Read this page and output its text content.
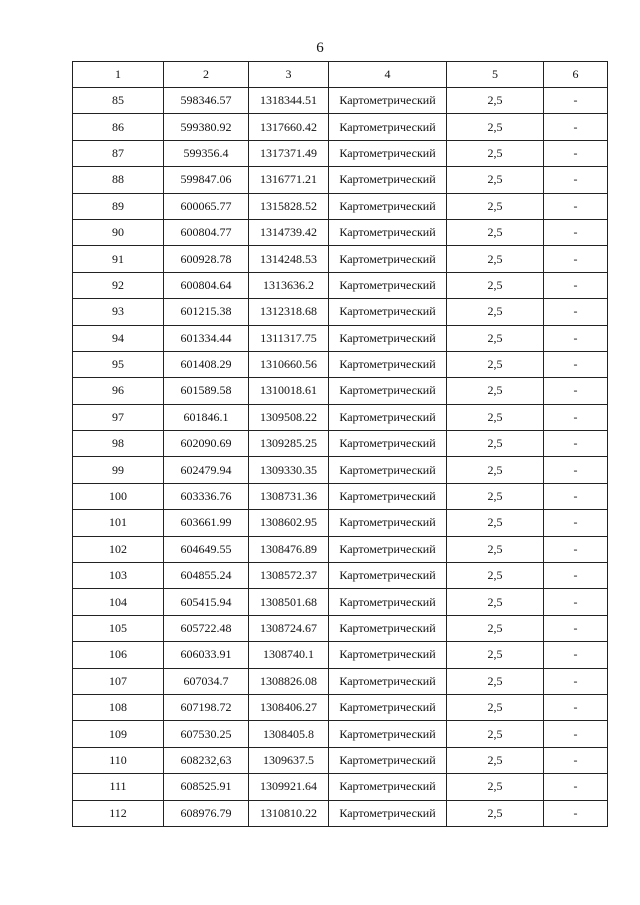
6
1	2	3	4	5	6
85	598346.57	1318344.51	Картометрический	2,5	-
86	599380.92	1317660.42	Картометрический	2,5	-
87	599356.4	1317371.49	Картометрический	2,5	-
88	599847.06	1316771.21	Картометрический	2,5	-
89	600065.77	1315828.52	Картометрический	2,5	-
90	600804.77	1314739.42	Картометрический	2,5	-
91	600928.78	1314248.53	Картометрический	2,5	-
92	600804.64	1313636.2	Картометрический	2,5	-
93	601215.38	1312318.68	Картометрический	2,5	-
94	601334.44	1311317.75	Картометрический	2,5	-
95	601408.29	1310660.56	Картометрический	2,5	-
96	601589.58	1310018.61	Картометрический	2,5	-
97	601846.1	1309508.22	Картометрический	2,5	-
98	602090.69	1309285.25	Картометрический	2,5	-
99	602479.94	1309330.35	Картометрический	2,5	-
100	603336.76	1308731.36	Картометрический	2,5	-
101	603661.99	1308602.95	Картометрический	2,5	-
102	604649.55	1308476.89	Картометрический	2,5	-
103	604855.24	1308572.37	Картометрический	2,5	-
104	605415.94	1308501.68	Картометрический	2,5	-
105	605722.48	1308724.67	Картометрический	2,5	-
106	606033.91	1308740.1	Картометрический	2,5	-
107	607034.7	1308826.08	Картометрический	2,5	-
108	607198.72	1308406.27	Картометрический	2,5	-
109	607530.25	1308405.8	Картометрический	2,5	-
110	608232,63	1309637.5	Картометрический	2,5	-
111	608525.91	1309921.64	Картометрический	2,5	-
112	608976.79	1310810.22	Картометрический	2,5	-
